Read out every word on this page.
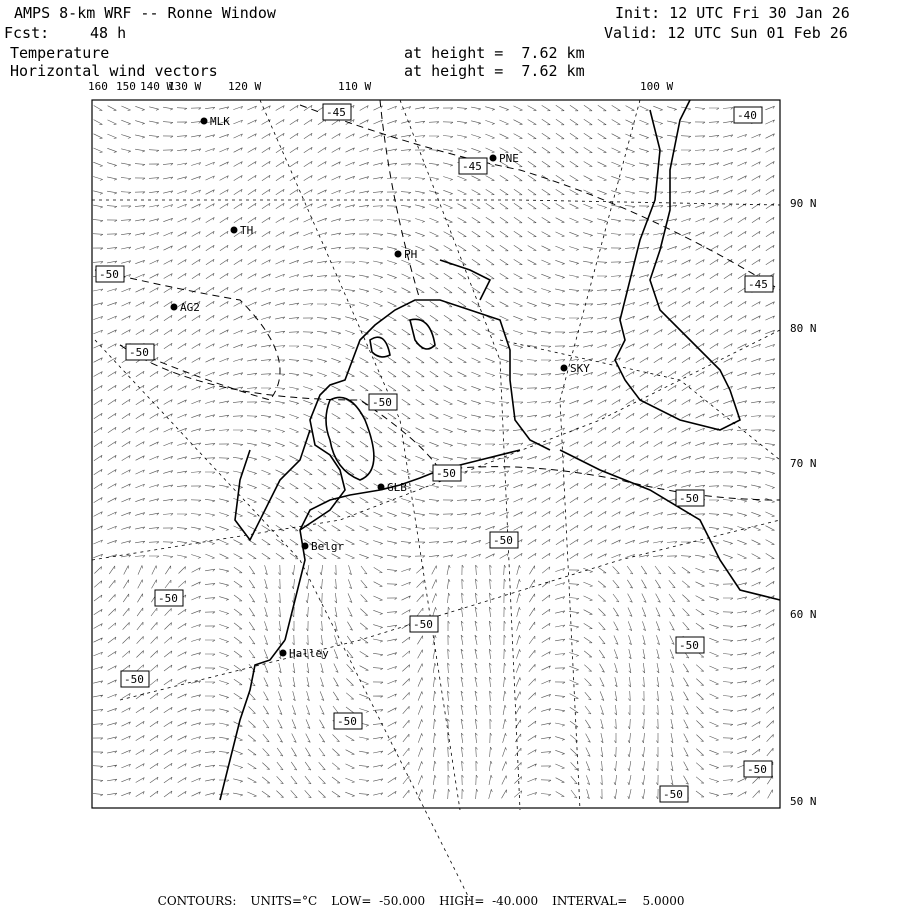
AMPS 8-km WRF -- Ronne Window
Fcst:	48 h
Init: 12 UTC Fri 30 Jan 26
Valid: 12 UTC Sun 01 Feb 26
Temperature
Horizontal wind vectors
at height =  7.62 km
at height =  7.62 km
MLK
PNE
TH
PH
AG2
SKY
GLB
Belgr
Halley
-45
-45
-40
-50
-45
-50
-50
-50
-50
-50
-50
-50
-50
-50
-50
-50
-50
160 150 140 W
130 W 120 W	110 W	100 W
90 N
80 N
70 N
60 N
50 N

CONTOURS: UNITS=°C LOW=  -50.000 HIGH=  -40.000 INTERVAL=    5.0000
